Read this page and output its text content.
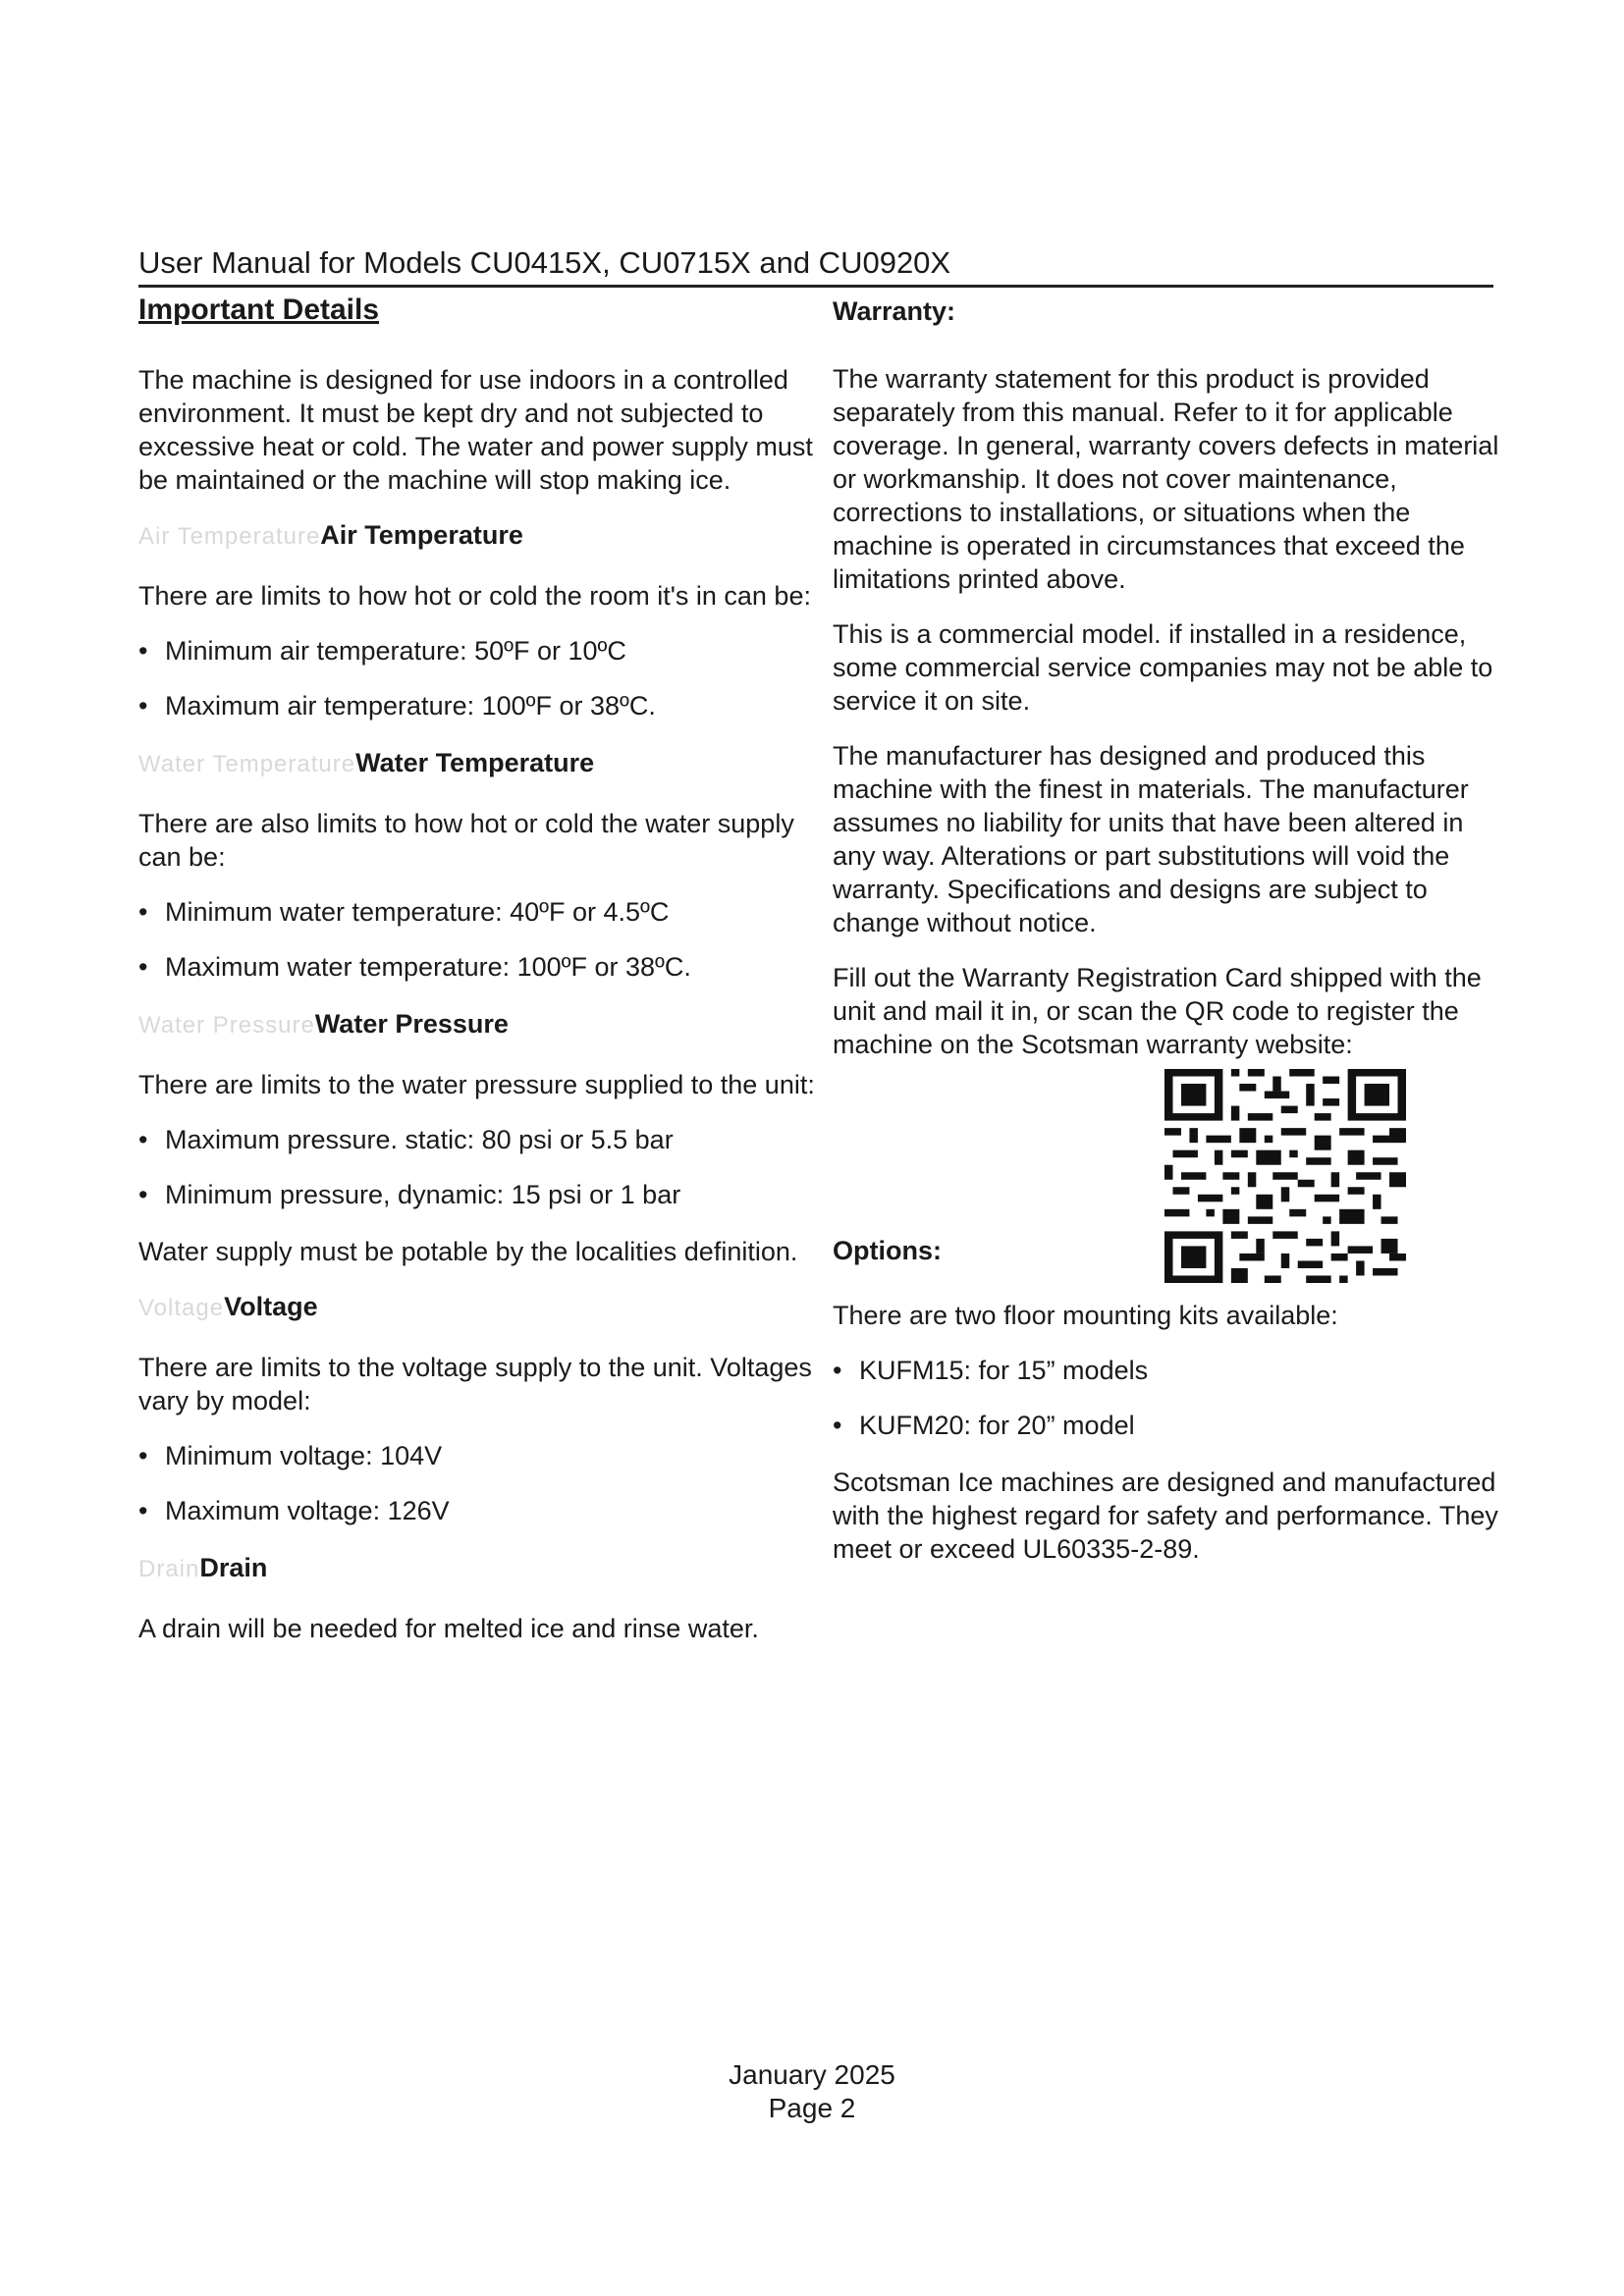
User Manual for Models CU0415X, CU0715X and CU0920X
Important Details

The machine is designed for use indoors in a controlled environment. It must be kept dry and not subjected to excessive heat or cold. The water and power supply must be maintained or the machine will stop making ice.

Air TemperatureAir Temperature

There are limits to how hot or cold the room it's in can be:

• Minimum air temperature: 50ºF or 10ºC
• Maximum air temperature: 100ºF or 38ºC.
Water TemperatureWater Temperature

There are also limits to how hot or cold the water supply can be:

• Minimum water temperature: 40ºF or 4.5ºC
• Maximum water temperature: 100ºF or 38ºC.
Water PressureWater Pressure

There are limits to the water pressure supplied to the unit:

• Maximum pressure. static: 80 psi or 5.5 bar
• Minimum pressure, dynamic: 15 psi or 1 bar

Water supply must be potable by the localities definition.

VoltageVoltage

There are limits to the voltage supply to the unit. Voltages vary by model:

• Minimum voltage: 104V
• Maximum voltage: 126V
DrainDrain

A drain will be needed for melted ice and rinse water.

Warranty:

The warranty statement for this product is provided separately from this manual. Refer to it for applicable coverage. In general, warranty covers defects in material or workmanship. It does not cover maintenance, corrections to installations, or situations when the machine is operated in circumstances that exceed the limitations printed above.

This is a commercial model. if installed in a residence, some commercial service companies may not be able to service it on site.

The manufacturer has designed and produced this machine with the finest in materials. The manufacturer assumes no liability for units that have been altered in any way. Alterations or part substitutions will void the warranty. Specifications and designs are subject to change without notice.

Fill out the Warranty Registration Card shipped with the unit and mail it in, or scan the QR code to register the machine on the Scotsman warranty website:

Options:

There are two floor mounting kits available:

• KUFM15: for 15” models
• KUFM20: for 20” model

Scotsman Ice machines are designed and manufactured with the highest regard for safety and performance. They meet or exceed UL60335-2-89.

January 2025
Page 2
